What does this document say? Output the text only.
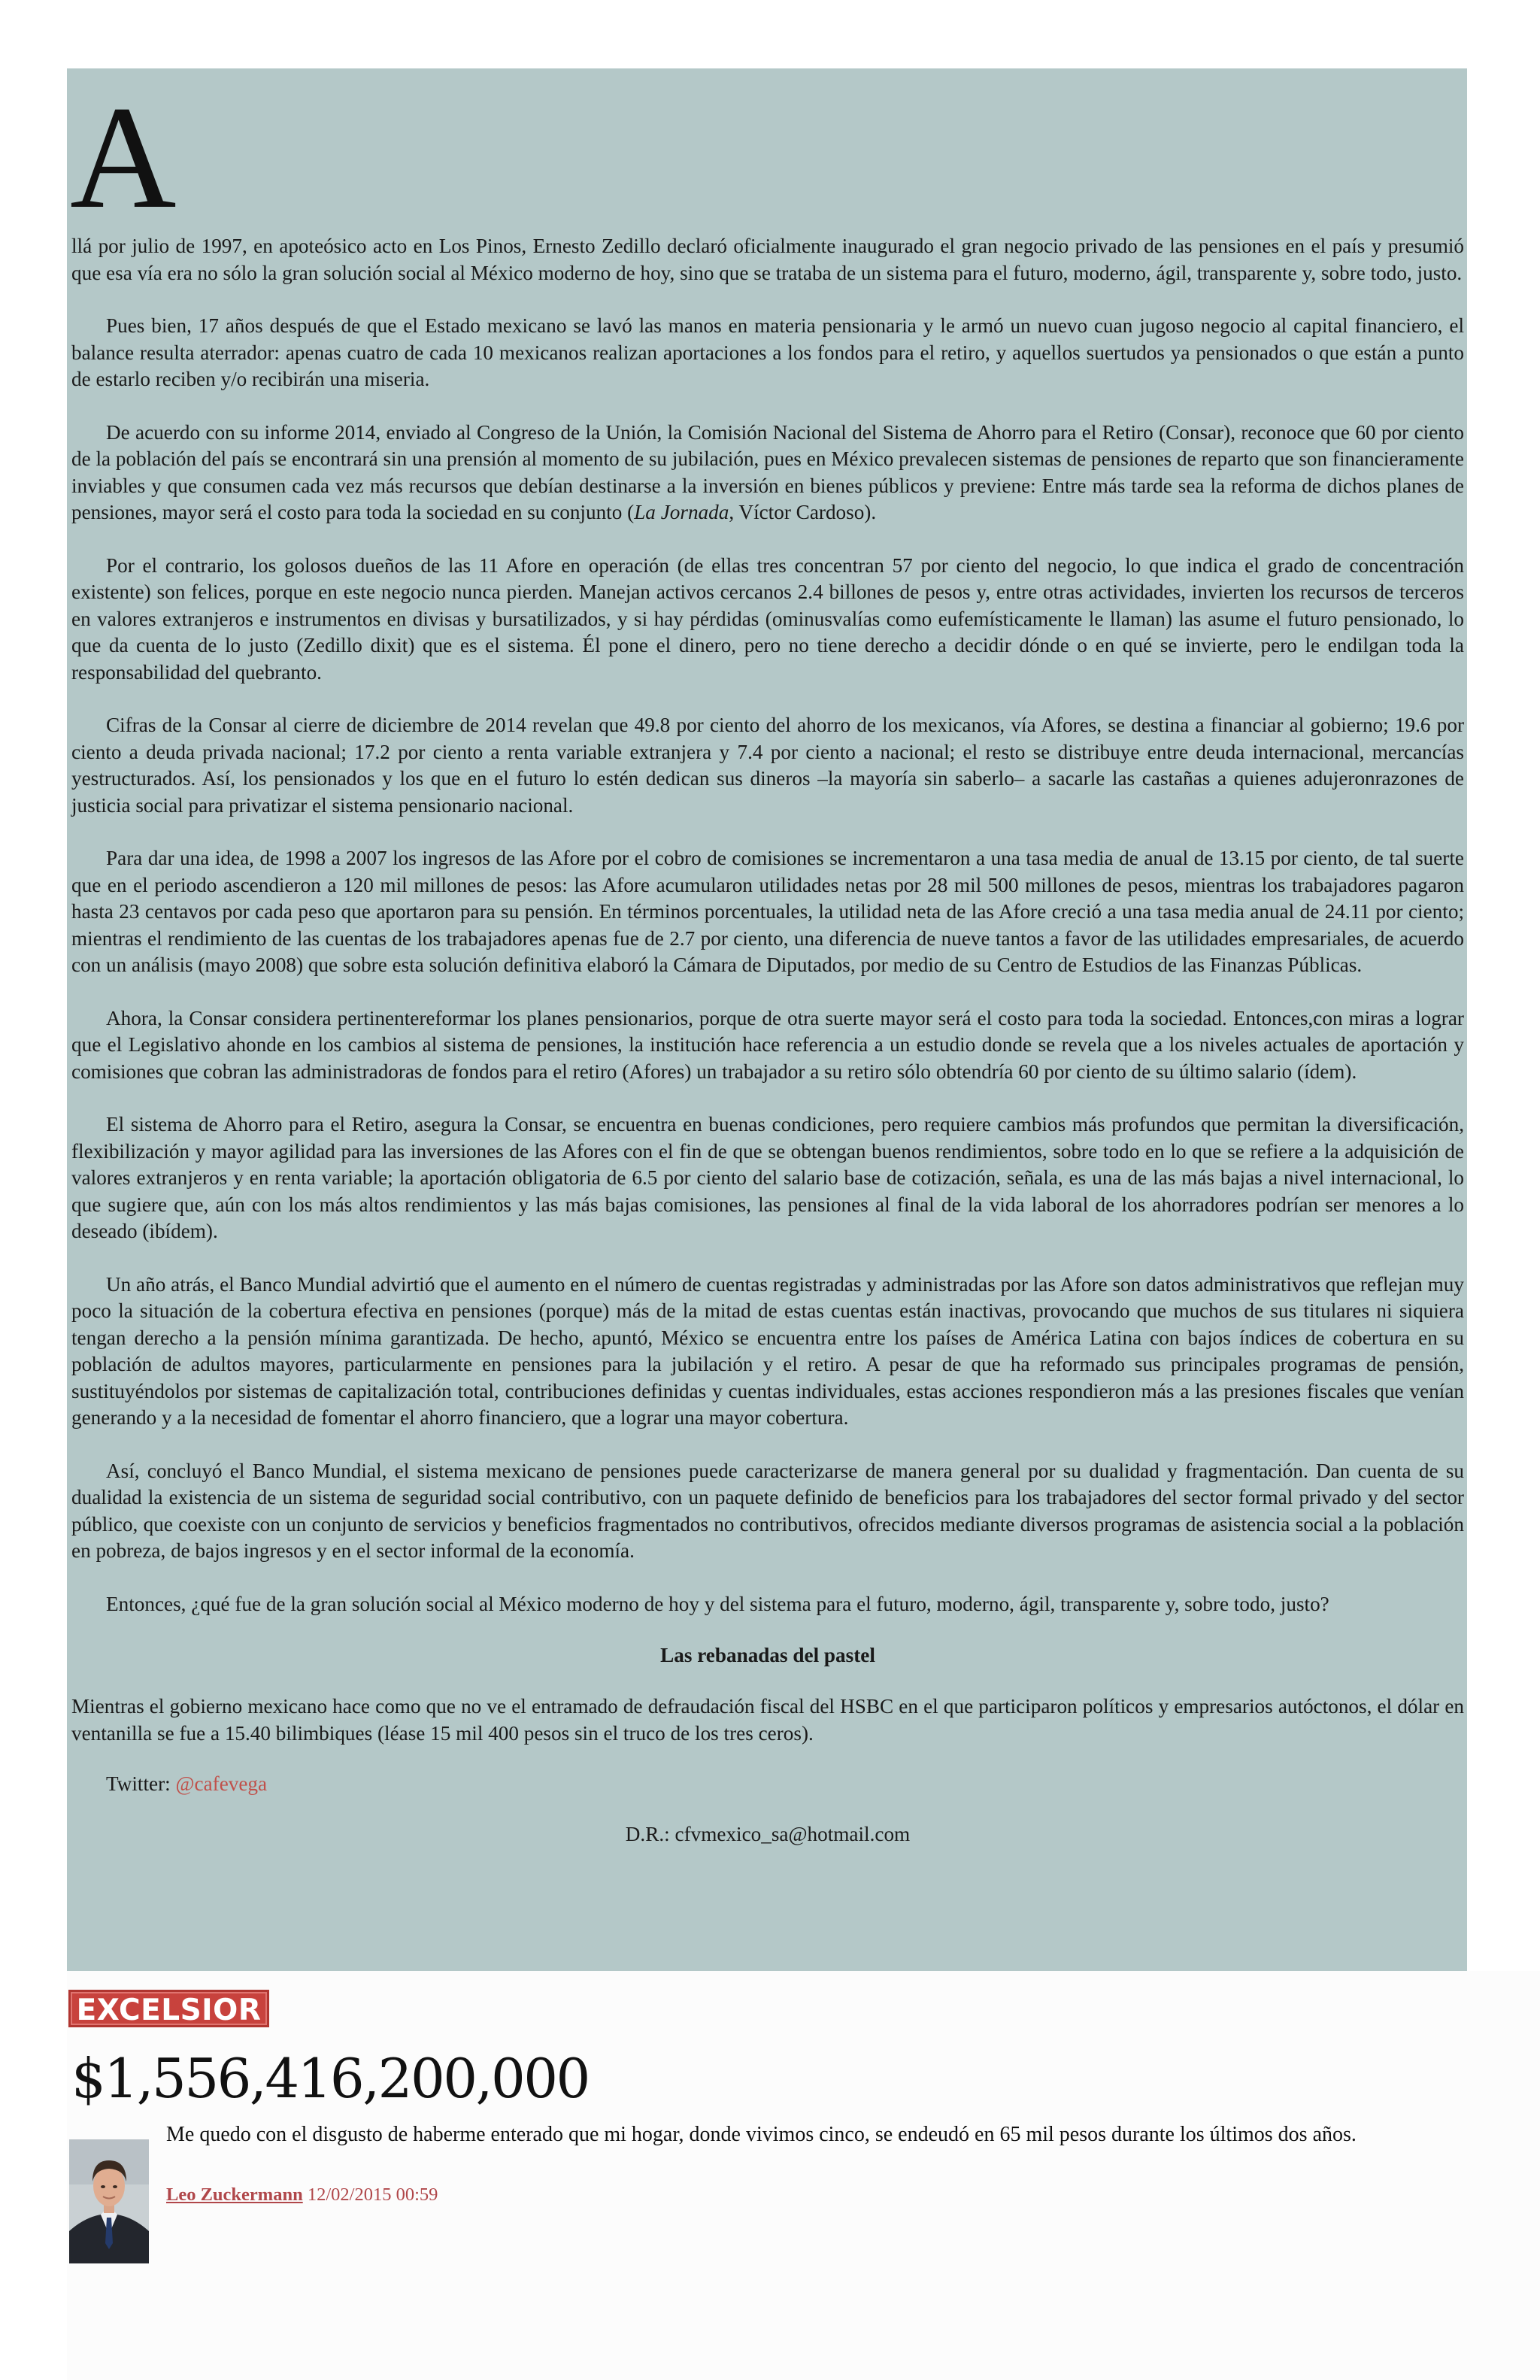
A

llá por julio de 1997, en apoteósico acto en Los Pinos, Ernesto Zedillo declaró oficialmente inaugurado el gran negocio privado de las pensiones en el país y presumió que esa vía era no sólo la gran solución social al México moderno de hoy, sino que se trataba de un sistema para el futuro, moderno, ágil, transparente y, sobre todo, justo.

Pues bien, 17 años después de que el Estado mexicano se lavó las manos en materia pensionaria y le armó un nuevo cuan jugoso negocio al capital financiero, el balance resulta aterrador: apenas cuatro de cada 10 mexicanos realizan aportaciones a los fondos para el retiro, y aquellos suertudos ya pensionados o que están a punto de estarlo reciben y/o recibirán una miseria.

De acuerdo con su informe 2014, enviado al Congreso de la Unión, la Comisión Nacional del Sistema de Ahorro para el Retiro (Consar), reconoce que 60 por ciento de la población del país se encontrará sin una prensión al momento de su jubilación, pues en México prevalecen sistemas de pensiones de reparto que son financieramente inviables y que consumen cada vez más recursos que debían destinarse a la inversión en bienes públicos y previene: Entre más tarde sea la reforma de dichos planes de pensiones, mayor será el costo para toda la sociedad en su conjunto (La Jornada, Víctor Cardoso).

Por el contrario, los golosos dueños de las 11 Afore en operación (de ellas tres concentran 57 por ciento del negocio, lo que indica el grado de concentración existente) son felices, porque en este negocio nunca pierden. Manejan activos cercanos 2.4 billones de pesos y, entre otras actividades, invierten los recursos de terceros en valores extranjeros e instrumentos en divisas y bursatilizados, y si hay pérdidas (ominusvalías como eufemísticamente le llaman) las asume el futuro pensionado, lo que da cuenta de lo justo (Zedillo dixit) que es el sistema. Él pone el dinero, pero no tiene derecho a decidir dónde o en qué se invierte, pero le endilgan toda la responsabilidad del quebranto.

Cifras de la Consar al cierre de diciembre de 2014 revelan que 49.8 por ciento del ahorro de los mexicanos, vía Afores, se destina a financiar al gobierno; 19.6 por ciento a deuda privada nacional; 17.2 por ciento a renta variable extranjera y 7.4 por ciento a nacional; el resto se distribuye entre deuda internacional, mercancías yestructurados. Así, los pensionados y los que en el futuro lo estén dedican sus dineros –la mayoría sin saberlo– a sacarle las castañas a quienes adujeronrazones de justicia social para privatizar el sistema pensionario nacional.

Para dar una idea, de 1998 a 2007 los ingresos de las Afore por el cobro de comisiones se incrementaron a una tasa media de anual de 13.15 por ciento, de tal suerte que en el periodo ascendieron a 120 mil millones de pesos: las Afore acumularon utilidades netas por 28 mil 500 millones de pesos, mientras los trabajadores pagaron hasta 23 centavos por cada peso que aportaron para su pensión. En términos porcentuales, la utilidad neta de las Afore creció a una tasa media anual de 24.11 por ciento; mientras el rendimiento de las cuentas de los trabajadores apenas fue de 2.7 por ciento, una diferencia de nueve tantos a favor de las utilidades empresariales, de acuerdo con un análisis (mayo 2008) que sobre esta solución definitiva elaboró la Cámara de Diputados, por medio de su Centro de Estudios de las Finanzas Públicas.

Ahora, la Consar considera pertinentereformar los planes pensionarios, porque de otra suerte mayor será el costo para toda la sociedad. Entonces,con miras a lograr que el Legislativo ahonde en los cambios al sistema de pensiones, la institución hace referencia a un estudio donde se revela que a los niveles actuales de aportación y comisiones que cobran las administradoras de fondos para el retiro (Afores) un trabajador a su retiro sólo obtendría 60 por ciento de su último salario (ídem).

El sistema de Ahorro para el Retiro, asegura la Consar, se encuentra en buenas condiciones, pero requiere cambios más profundos que permitan la diversificación, flexibilización y mayor agilidad para las inversiones de las Afores con el fin de que se obtengan buenos rendimientos, sobre todo en lo que se refiere a la adquisición de valores extranjeros y en renta variable; la aportación obligatoria de 6.5 por ciento del salario base de cotización, señala, es una de las más bajas a nivel internacional, lo que sugiere que, aún con los más altos rendimientos y las más bajas comisiones, las pensiones al final de la vida laboral de los ahorradores podrían ser menores a lo deseado (ibídem).

Un año atrás, el Banco Mundial advirtió que el aumento en el número de cuentas registradas y administradas por las Afore son datos administrativos que reflejan muy poco la situación de la cobertura efectiva en pensiones (porque) más de la mitad de estas cuentas están inactivas, provocando que muchos de sus titulares ni siquiera tengan derecho a la pensión mínima garantizada. De hecho, apuntó, México se encuentra entre los países de América Latina con bajos índices de cobertura en su población de adultos mayores, particularmente en pensiones para la jubilación y el retiro. A pesar de que ha reformado sus principales programas de pensión, sustituyéndolos por sistemas de capitalización total, contribuciones definidas y cuentas individuales, estas acciones respondieron más a las presiones fiscales que venían generando y a la necesidad de fomentar el ahorro financiero, que a lograr una mayor cobertura.

Así, concluyó el Banco Mundial, el sistema mexicano de pensiones puede caracterizarse de manera general por su dualidad y fragmentación. Dan cuenta de su dualidad la existencia de un sistema de seguridad social contributivo, con un paquete definido de beneficios para los trabajadores del sector formal privado y del sector público, que coexiste con un conjunto de servicios y beneficios fragmentados no contributivos, ofrecidos mediante diversos programas de asistencia social a la población en pobreza, de bajos ingresos y en el sector informal de la economía.

Entonces, ¿qué fue de la gran solución social al México moderno de hoy y del sistema para el futuro, moderno, ágil, transparente y, sobre todo, justo?

Las rebanadas del pastel

Mientras el gobierno mexicano hace como que no ve el entramado de defraudación fiscal del HSBC en el que participaron políticos y empresarios autóctonos, el dólar en ventanilla se fue a 15.40 bilimbiques (léase 15 mil 400 pesos sin el truco de los tres ceros).

Twitter: @cafevega

D.R.: cfvmexico_sa@hotmail.com

EXCELSIOR
$1,556,416,200,000
Me quedo con el disgusto de haberme enterado que mi hogar, donde vivimos cinco, se endeudó en 65 mil pesos durante los últimos dos años.
Leo Zuckermann 12/02/2015 00:59
